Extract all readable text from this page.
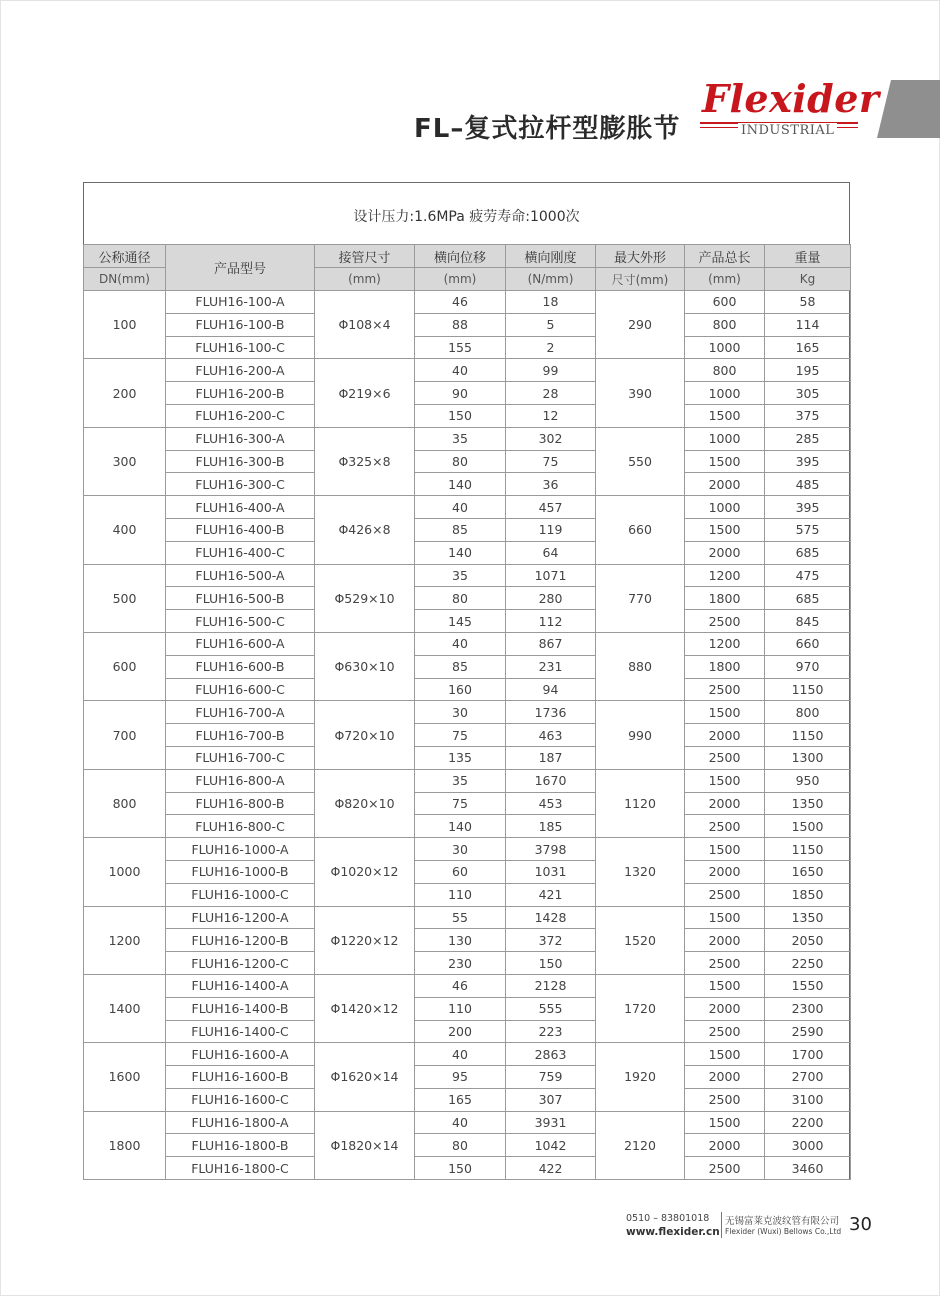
FL–复式拉杆型膨胀节
Flexider
INDUSTRIAL
设计压力:1.6MPa 疲劳寿命:1000次
公称通径	产品型号	接管尺寸	横向位移	横向刚度	最大外形	产品总长	重量
DN(mm)		(mm)	(mm)	(N/mm)	尺寸(mm)	(mm)	Kg
100	FLUH16-100-A	Φ108×4	46	18	290	600	58
	FLUH16-100-B		88	5		800	114
	FLUH16-100-C		155	2		1000	165
200	FLUH16-200-A	Φ219×6	40	99	390	800	195
	FLUH16-200-B		90	28		1000	305
	FLUH16-200-C		150	12		1500	375
300	FLUH16-300-A	Φ325×8	35	302	550	1000	285
	FLUH16-300-B		80	75		1500	395
	FLUH16-300-C		140	36		2000	485
400	FLUH16-400-A	Φ426×8	40	457	660	1000	395
	FLUH16-400-B		85	119		1500	575
	FLUH16-400-C		140	64		2000	685
500	FLUH16-500-A	Φ529×10	35	1071	770	1200	475
	FLUH16-500-B		80	280		1800	685
	FLUH16-500-C		145	112		2500	845
600	FLUH16-600-A	Φ630×10	40	867	880	1200	660
	FLUH16-600-B		85	231		1800	970
	FLUH16-600-C		160	94		2500	1150
700	FLUH16-700-A	Φ720×10	30	1736	990	1500	800
	FLUH16-700-B		75	463		2000	1150
	FLUH16-700-C		135	187		2500	1300
800	FLUH16-800-A	Φ820×10	35	1670	1120	1500	950
	FLUH16-800-B		75	453		2000	1350
	FLUH16-800-C		140	185		2500	1500
1000	FLUH16-1000-A	Φ1020×12	30	3798	1320	1500	1150
	FLUH16-1000-B		60	1031		2000	1650
	FLUH16-1000-C		110	421		2500	1850
1200	FLUH16-1200-A	Φ1220×12	55	1428	1520	1500	1350
	FLUH16-1200-B		130	372		2000	2050
	FLUH16-1200-C		230	150		2500	2250
1400	FLUH16-1400-A	Φ1420×12	46	2128	1720	1500	1550
	FLUH16-1400-B		110	555		2000	2300
	FLUH16-1400-C		200	223		2500	2590
1600	FLUH16-1600-A	Φ1620×14	40	2863	1920	1500	1700
	FLUH16-1600-B		95	759		2000	2700
	FLUH16-1600-C		165	307		2500	3100
1800	FLUH16-1800-A	Φ1820×14	40	3931	2120	1500	2200
	FLUH16-1800-B		80	1042		2000	3000
	FLUH16-1800-C		150	422		2500	3460
0510 – 83801018
www.flexider.cn
无锡富莱克波纹管有限公司
Flexider (Wuxi) Bellows Co.,Ltd 30
